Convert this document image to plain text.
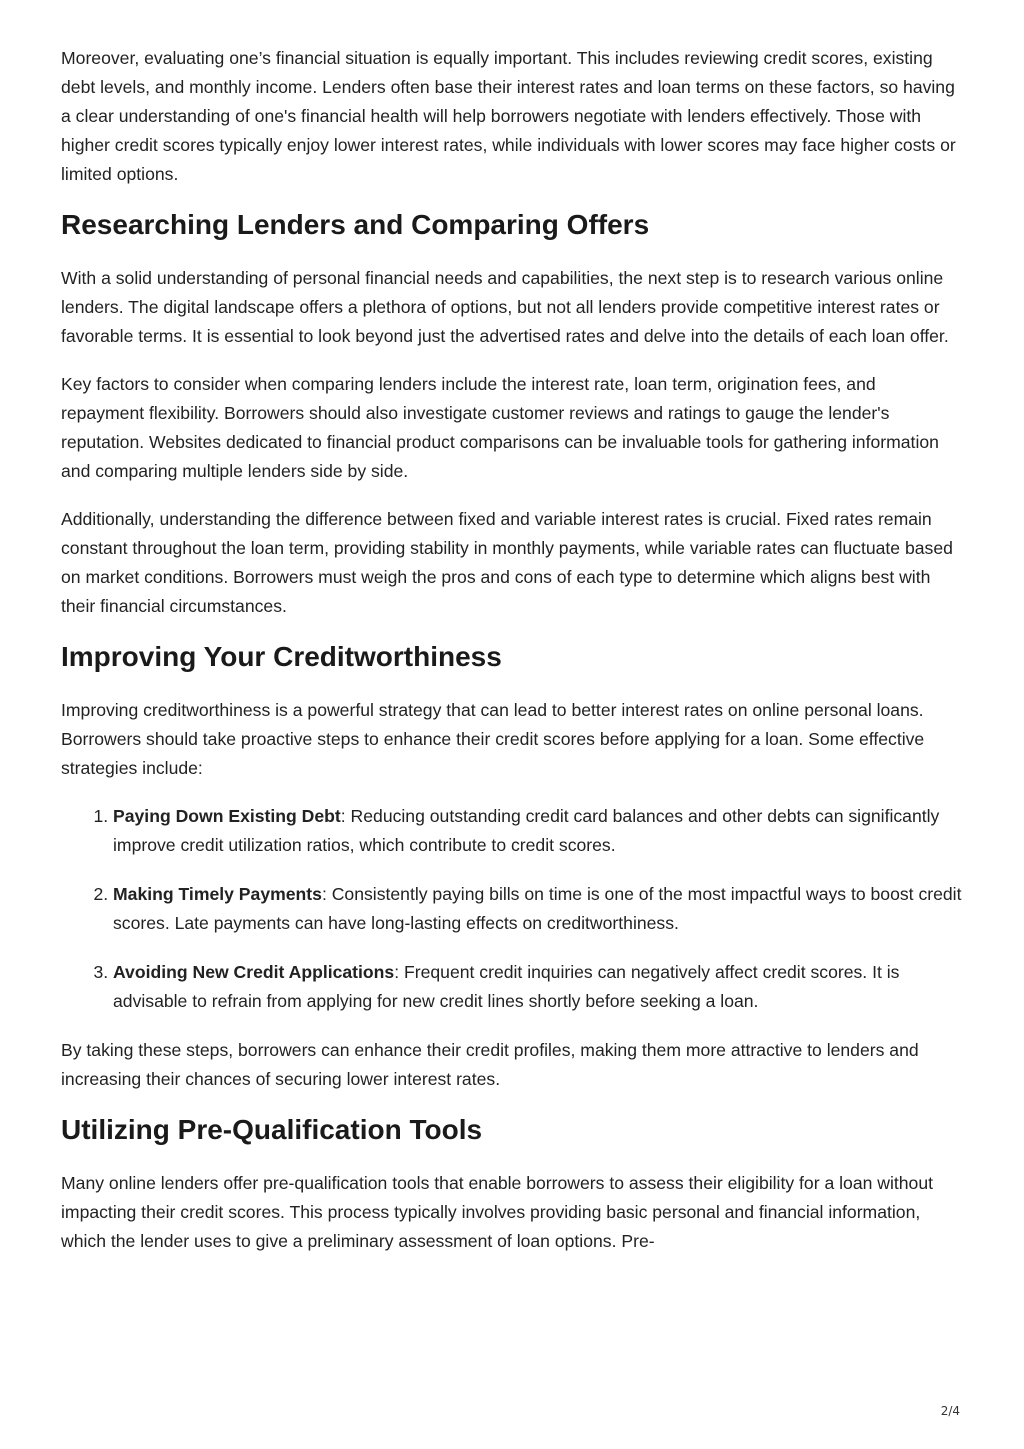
Moreover, evaluating one’s financial situation is equally important. This includes reviewing credit scores, existing debt levels, and monthly income. Lenders often base their interest rates and loan terms on these factors, so having a clear understanding of one's financial health will help borrowers negotiate with lenders effectively. Those with higher credit scores typically enjoy lower interest rates, while individuals with lower scores may face higher costs or limited options.

Researching Lenders and Comparing Offers

With a solid understanding of personal financial needs and capabilities, the next step is to research various online lenders. The digital landscape offers a plethora of options, but not all lenders provide competitive interest rates or favorable terms. It is essential to look beyond just the advertised rates and delve into the details of each loan offer.

Key factors to consider when comparing lenders include the interest rate, loan term, origination fees, and repayment flexibility. Borrowers should also investigate customer reviews and ratings to gauge the lender's reputation. Websites dedicated to financial product comparisons can be invaluable tools for gathering information and comparing multiple lenders side by side.

Additionally, understanding the difference between fixed and variable interest rates is crucial. Fixed rates remain constant throughout the loan term, providing stability in monthly payments, while variable rates can fluctuate based on market conditions. Borrowers must weigh the pros and cons of each type to determine which aligns best with their financial circumstances.

Improving Your Creditworthiness

Improving creditworthiness is a powerful strategy that can lead to better interest rates on online personal loans. Borrowers should take proactive steps to enhance their credit scores before applying for a loan. Some effective strategies include:

1. Paying Down Existing Debt: Reducing outstanding credit card balances and other debts can significantly improve credit utilization ratios, which contribute to credit scores.
2. Making Timely Payments: Consistently paying bills on time is one of the most impactful ways to boost credit scores. Late payments can have long-lasting effects on creditworthiness.
3. Avoiding New Credit Applications: Frequent credit inquiries can negatively affect credit scores. It is advisable to refrain from applying for new credit lines shortly before seeking a loan.

By taking these steps, borrowers can enhance their credit profiles, making them more attractive to lenders and increasing their chances of securing lower interest rates.

Utilizing Pre-Qualification Tools

Many online lenders offer pre-qualification tools that enable borrowers to assess their eligibility for a loan without impacting their credit scores. This process typically involves providing basic personal and financial information, which the lender uses to give a preliminary assessment of loan options. Pre-

2/4
